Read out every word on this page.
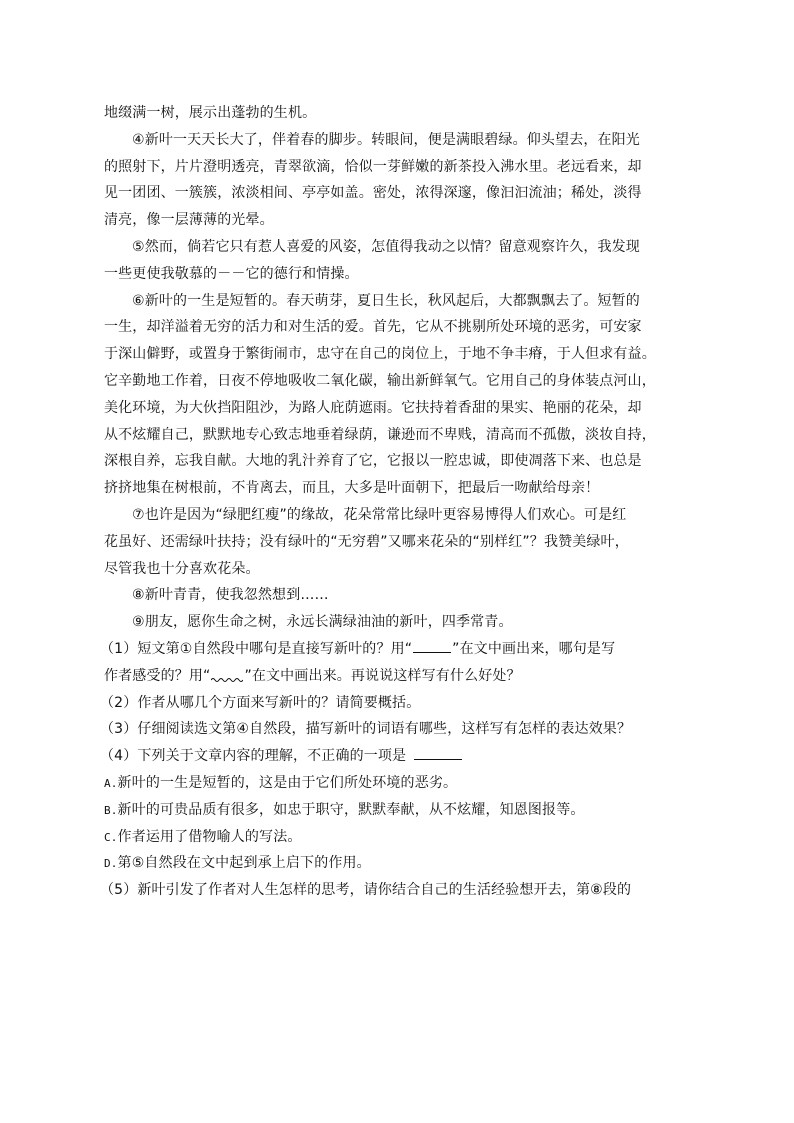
地缀满一树，展示出蓬勃的生机。
④新叶一天天长大了，伴着春的脚步。转眼间，便是满眼碧绿。仰头望去，在阳光
的照射下，片片澄明透亮，青翠欲滴，恰似一芽鲜嫩的新茶投入沸水里。老远看来，却
见一团团、一簇簇，浓淡相间、亭亭如盖。密处，浓得深邃，像汩汩流油；稀处，淡得
清亮，像一层薄薄的光晕。
⑤然而，倘若它只有惹人喜爱的风姿，怎值得我动之以情？留意观察许久，我发现
一些更使我敬慕的－－它的德行和情操。
⑥新叶的一生是短暂的。春天萌芽，夏日生长，秋风起后，大都飘飘去了。短暂的
一生，却洋溢着无穷的活力和对生活的爱。首先，它从不挑剔所处环境的恶劣，可安家
于深山僻野，或置身于繁街闹市，忠守在自己的岗位上，于地不争丰瘠，于人但求有益。
它辛勤地工作着，日夜不停地吸收二氧化碳，输出新鲜氧气。它用自己的身体装点河山，
美化环境，为大伙挡阳阻沙，为路人庇荫遮雨。它扶持着香甜的果实、艳丽的花朵，却
从不炫耀自己，默默地专心致志地垂着绿荫，谦逊而不卑贱，清高而不孤傲，淡妆自持，
深根自养，忘我自献。大地的乳汁养育了它，它报以一腔忠诚，即使凋落下来、也总是
挤挤地集在树根前，不肯离去，而且，大多是叶面朝下，把最后一吻献给母亲！
⑦也许是因为“绿肥红瘦”的缘故，花朵常常比绿叶更容易博得人们欢心。可是红
花虽好、还需绿叶扶持；没有绿叶的“无穷碧”又哪来花朵的“别样红”？我赞美绿叶，
尽管我也十分喜欢花朵。
⑧新叶青青，使我忽然想到……
⑨朋友，愿你生命之树，永远长满绿油油的新叶，四季常青。
（1）短文第①自然段中哪句是直接写新叶的？用“	”在文中画出来，哪句是写
作者感受的？用“ ”在文中画出来。再说说这样写有什么好处？
（2）作者从哪几个方面来写新叶的？请简要概括。
（3）仔细阅读选文第④自然段，描写新叶的词语有哪些，这样写有怎样的表达效果？
（4）下列关于文章内容的理解，不正确的一项是
A.新叶的一生是短暂的，这是由于它们所处环境的恶劣。
B.新叶的可贵品质有很多，如忠于职守，默默奉献，从不炫耀，知恩图报等。
C.作者运用了借物喻人的写法。
D.第⑤自然段在文中起到承上启下的作用。
（5）新叶引发了作者对人生怎样的思考，请你结合自己的生活经验想开去，第⑧段的
